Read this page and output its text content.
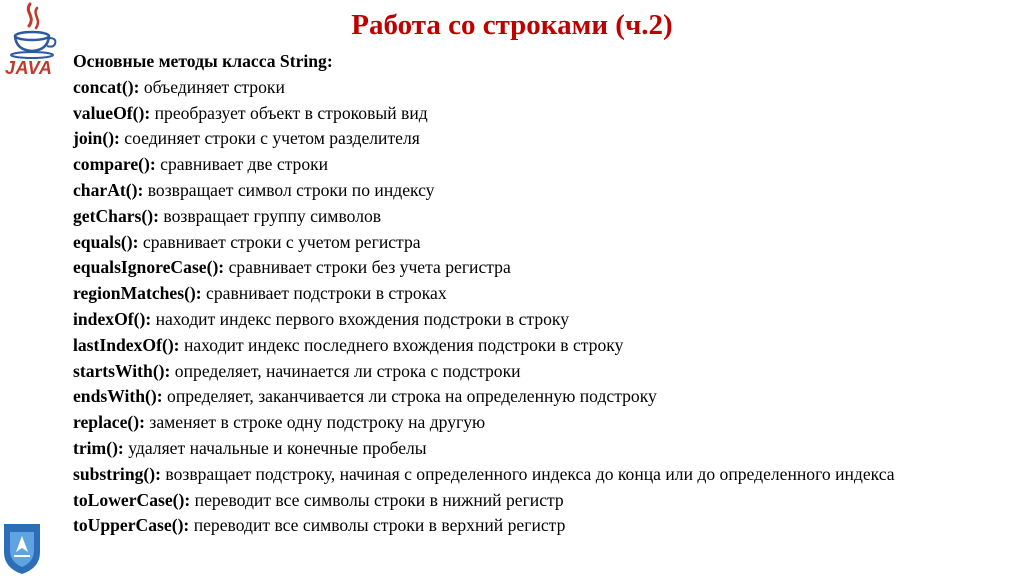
JAVA
Работа со строками (ч.2)
Основные методы класса String:
concat(): объединяет строки
valueOf(): преобразует объект в строковый вид
join(): соединяет строки с учетом разделителя
compare(): сравнивает две строки
charAt(): возвращает символ строки по индексу
getChars(): возвращает группу символов
equals(): сравнивает строки с учетом регистра
equalsIgnoreCase(): сравнивает строки без учета регистра
regionMatches(): сравнивает подстроки в строках
indexOf(): находит индекс первого вхождения подстроки в строку
lastIndexOf(): находит индекс последнего вхождения подстроки в строку
startsWith(): определяет, начинается ли строка с подстроки
endsWith(): определяет, заканчивается ли строка на определенную подстроку
replace(): заменяет в строке одну подстроку на другую
trim(): удаляет начальные и конечные пробелы
substring(): возвращает подстроку, начиная с определенного индекса до конца или до определенного индекса
toLowerCase(): переводит все символы строки в нижний регистр
toUpperCase(): переводит все символы строки в верхний регистр
